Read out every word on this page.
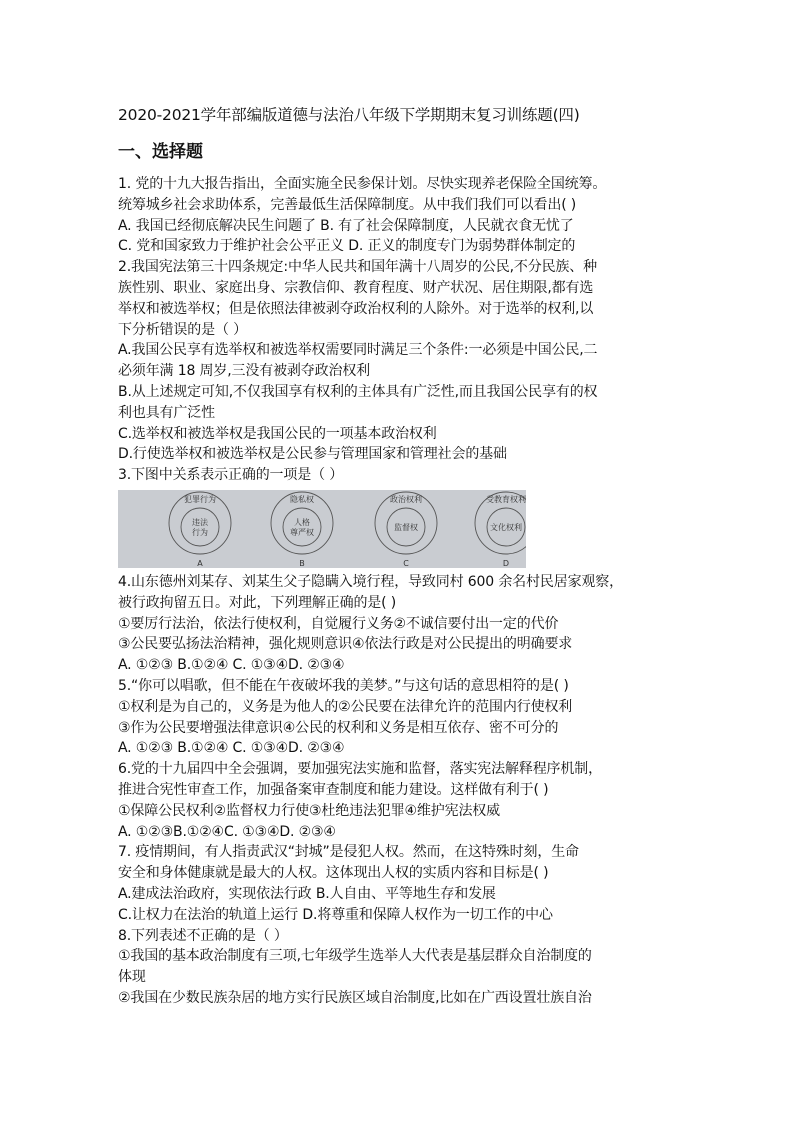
2020-2021学年部编版道德与法治八年级下学期期末复习训练题(四)
一、选择题
1. 党的十九大报告指出，全面实施全民参保计划。尽快实现养老保险全国统筹。
统筹城乡社会求助体系，完善最低生活保障制度。从中我们我们可以看出( )
A. 我国已经彻底解决民生问题了 B. 有了社会保障制度，人民就衣食无忧了
C. 党和国家致力于维护社会公平正义 D. 正义的制度专门为弱势群体制定的
2.我国宪法第三十四条规定:中华人民共和国年满十八周岁的公民,不分民族、种
族性别、职业、家庭出身、宗教信仰、教育程度、财产状况、居住期限,都有选
举权和被选举权；但是依照法律被剥夺政治权利的人除外。对于选举的权利,以
下分析错误的是（ ）
A.我国公民享有选举权和被选举权需要同时满足三个条件:一必须是中国公民,二
必须年满 18 周岁,三没有被剥夺政治权利
B.从上述规定可知,不仅我国享有权利的主体具有广泛性,而且我国公民享有的权
利也具有广泛性
C.选举权和被选举权是我国公民的一项基本政治权利
D.行使选举权和被选举权是公民参与管理国家和管理社会的基础
3.下图中关系表示正确的一项是（ ）
犯罪行为
违法
行为
A
隐私权
人格
尊严权
B
政治权利
监督权
C
受教育权利
文化权利
D
4.山东德州刘某存、刘某生父子隐瞒入境行程，导致同村 600 余名村民居家观察，
被行政拘留五日。对此，下列理解正确的是( )
①要厉行法治，依法行使权利，自觉履行义务②不诚信要付出一定的代价
③公民要弘扬法治精神，强化规则意识④依法行政是对公民提出的明确要求
A. ①②③ B.①②④ C. ①③④D. ②③④
5.“你可以唱歌，但不能在午夜破坏我的美梦。”与这句话的意思相符的是( )
①权利是为自己的，义务是为他人的②公民要在法律允许的范围内行使权利
③作为公民要增强法律意识④公民的权利和义务是相互依存、密不可分的
A. ①②③ B.①②④ C. ①③④D. ②③④
6.党的十九届四中全会强调，要加强宪法实施和监督，落实宪法解释程序机制，
推进合宪性审查工作，加强备案审查制度和能力建设。这样做有利于( )
①保障公民权利②监督权力行使③杜绝违法犯罪④维护宪法权威
A. ①②③B.①②④C. ①③④D. ②③④
7. 疫情期间，有人指责武汉“封城”是侵犯人权。然而，在这特殊时刻，生命
安全和身体健康就是最大的人权。这体现出人权的实质内容和目标是( )
A.建成法治政府，实现依法行政 B.人自由、平等地生存和发展
C.让权力在法治的轨道上运行 D.将尊重和保障人权作为一切工作的中心
8.下列表述不正确的是（ ）
①我国的基本政治制度有三项,七年级学生选举人大代表是基层群众自治制度的
体现
②我国在少数民族杂居的地方实行民族区域自治制度,比如在广西设置壮族自治
